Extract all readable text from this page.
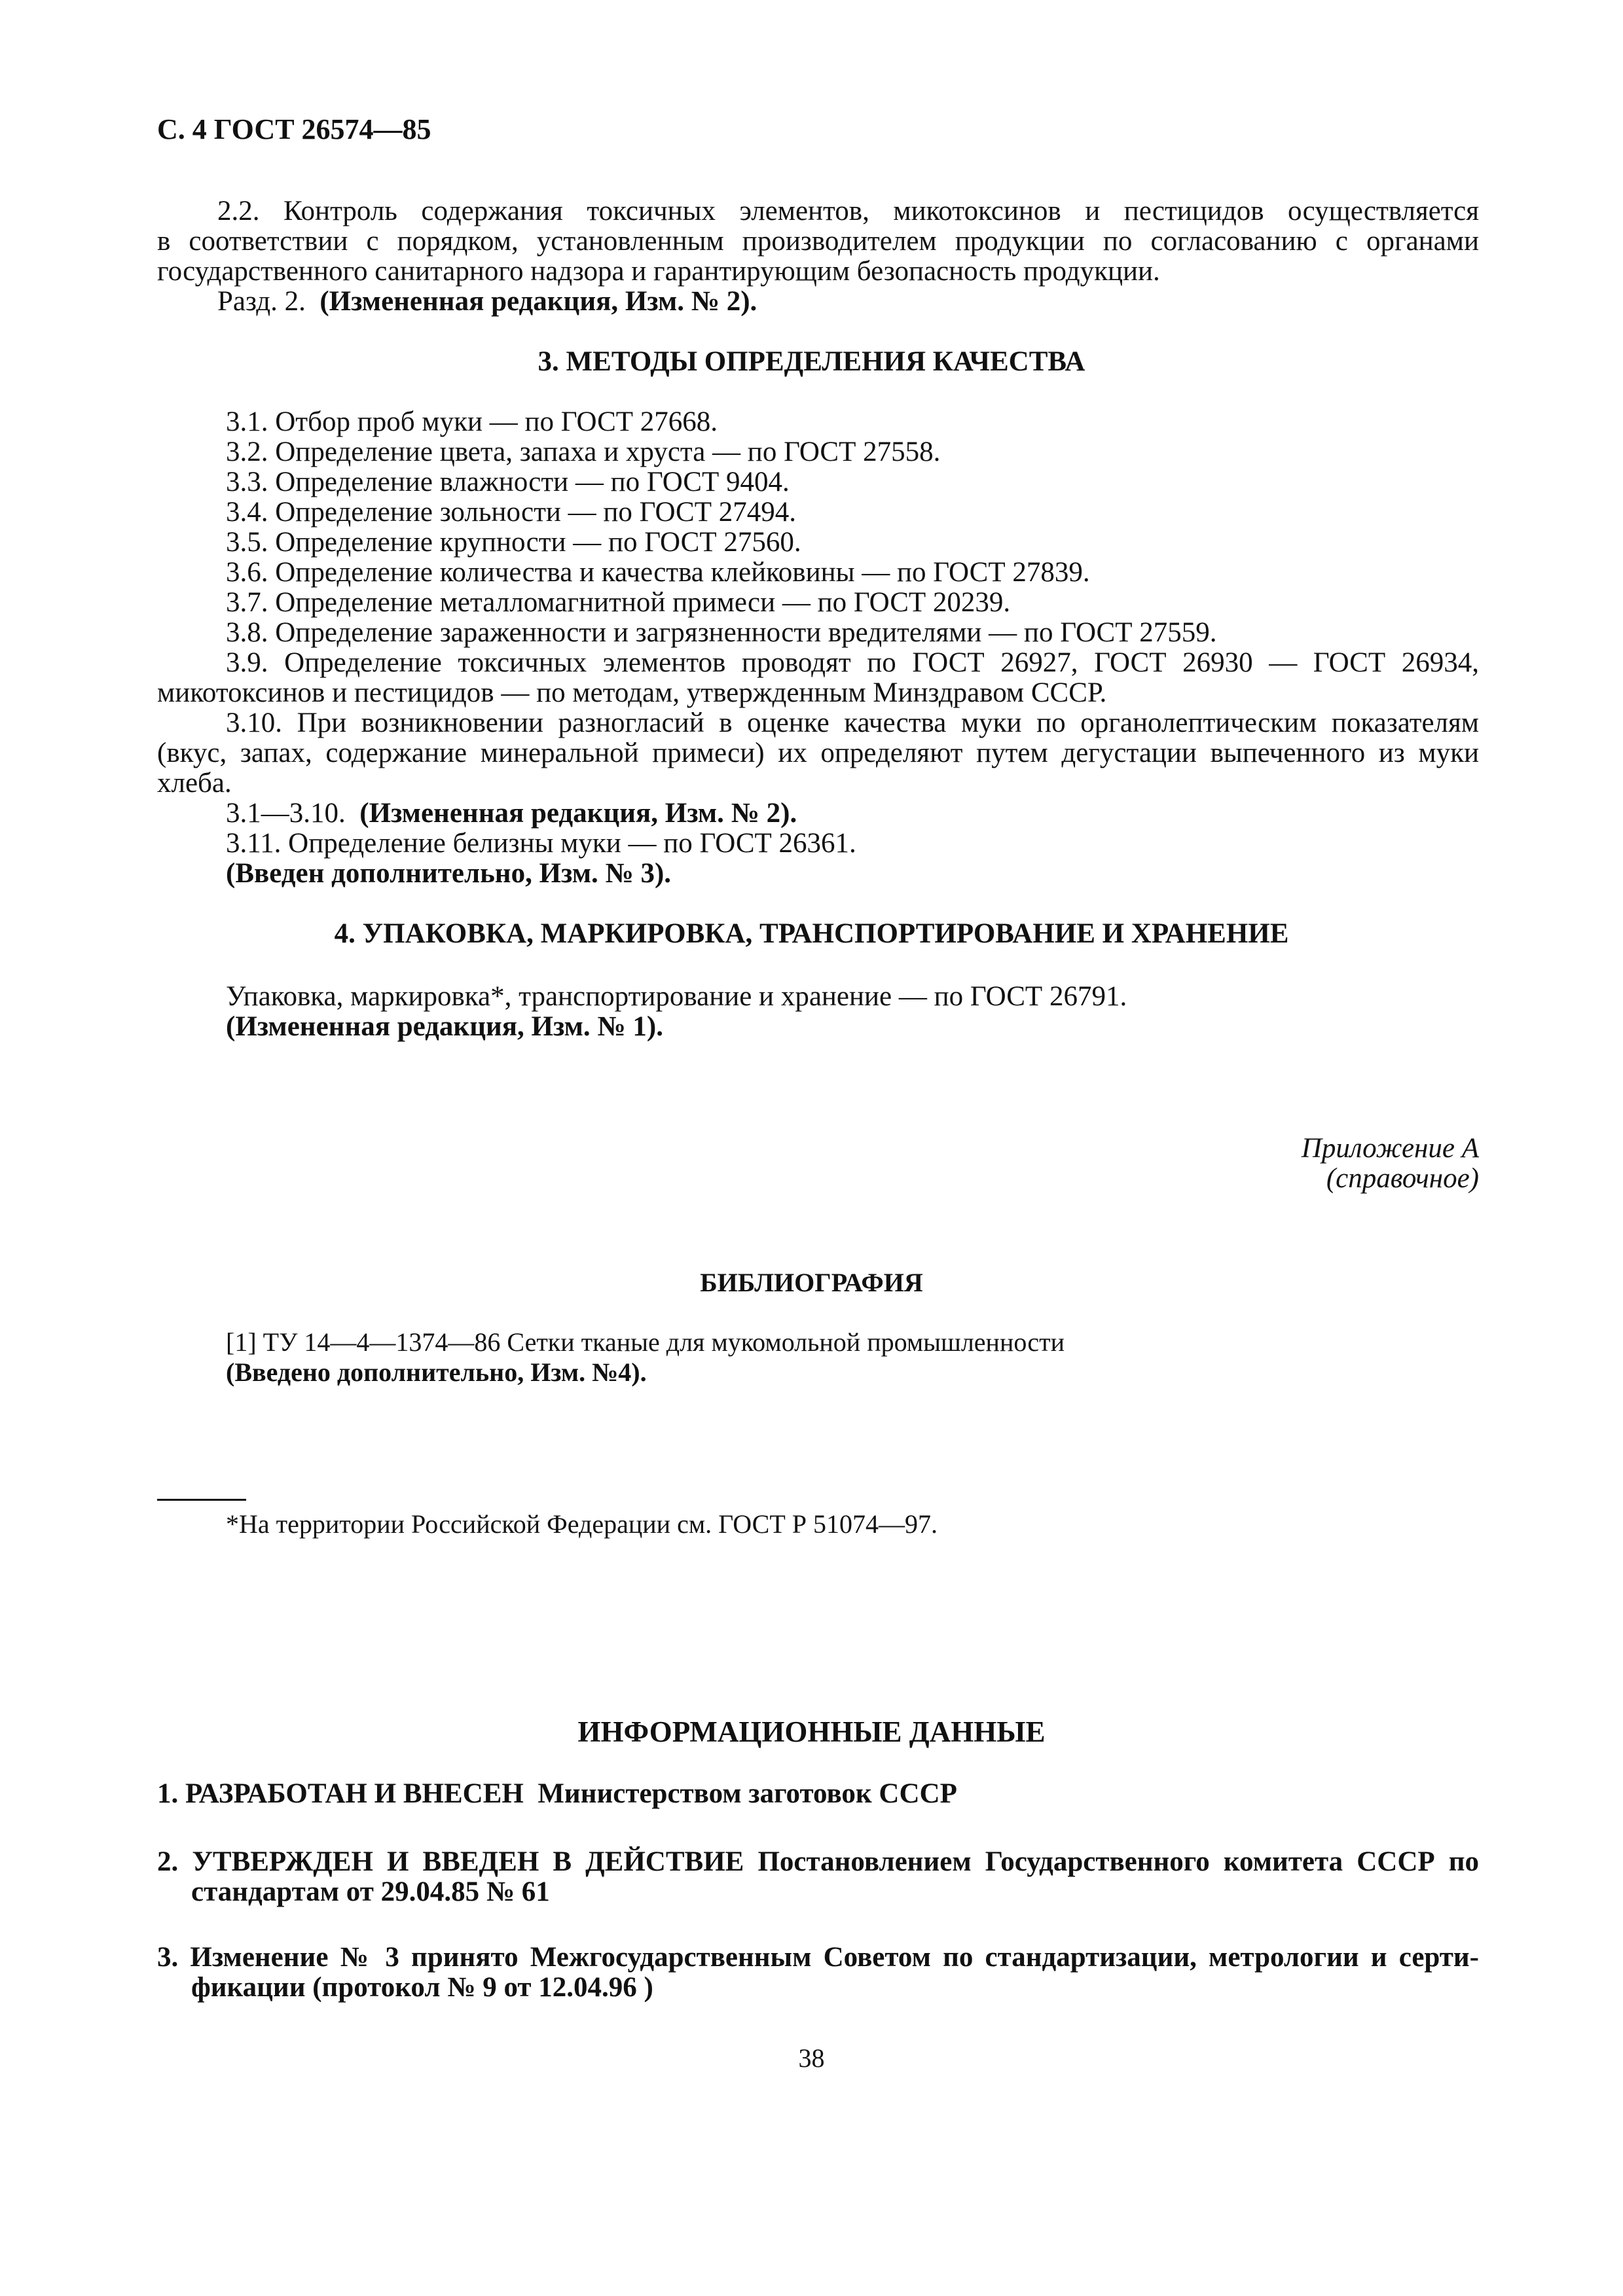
С. 4 ГОСТ 26574—85
2.2. Контроль содержания токсичных элементов, микотоксинов и пестицидов осуществляется
в соответствии с порядком, установленным производителем продукции по согласованию с органами
государственного санитарного надзора и гарантирующим безопасность продукции.
Разд. 2. (Измененная редакция, Изм. № 2).
3. МЕТОДЫ ОПРЕДЕЛЕНИЯ КАЧЕСТВА
3.1. Отбор проб муки — по ГОСТ 27668.
3.2. Определение цвета, запаха и хруста — по ГОСТ 27558.
3.3. Определение влажности — по ГОСТ 9404.
3.4. Определение зольности — по ГОСТ 27494.
3.5. Определение крупности — по ГОСТ 27560.
3.6. Определение количества и качества клейковины — по ГОСТ 27839.
3.7. Определение металломагнитной примеси — по ГОСТ 20239.
3.8. Определение зараженности и загрязненности вредителями — по ГОСТ 27559.
3.9. Определение токсичных элементов проводят по ГОСТ 26927, ГОСТ 26930 — ГОСТ 26934,
микотоксинов и пестицидов — по методам, утвержденным Минздравом СССР.
3.10. При возникновении разногласий в оценке качества муки по органолептическим показателям
(вкус, запах, содержание минеральной примеси) их определяют путем дегустации выпеченного из муки
хлеба.
3.1—3.10. (Измененная редакция, Изм. № 2).
3.11. Определение белизны муки — по ГОСТ 26361.
(Введен дополнительно, Изм. № 3).
4. УПАКОВКА, МАРКИРОВКА, ТРАНСПОРТИРОВАНИЕ И ХРАНЕНИЕ
Упаковка, маркировка*, транспортирование и хранение — по ГОСТ 26791.
(Измененная редакция, Изм. № 1).
Приложение А
(справочное)
БИБЛИОГРАФИЯ
[1] ТУ 14—4—1374—86 Сетки тканые для мукомольной промышленности
(Введено дополнительно, Изм. №4).
*На территории Российской Федерации см. ГОСТ Р 51074—97.
ИНФОРМАЦИОННЫЕ ДАННЫЕ
1. РАЗРАБОТАН И ВНЕСЕН Министерством заготовок СССР
2. УТВЕРЖДЕН И ВВЕДЕН В ДЕЙСТВИЕ Постановлением Государственного комитета СССР по
стандартам от 29.04.85 № 61
3. Изменение № 3 принято Межгосударственным Советом по стандартизации, метрологии и серти-
фикации (протокол № 9 от 12.04.96 )
38
